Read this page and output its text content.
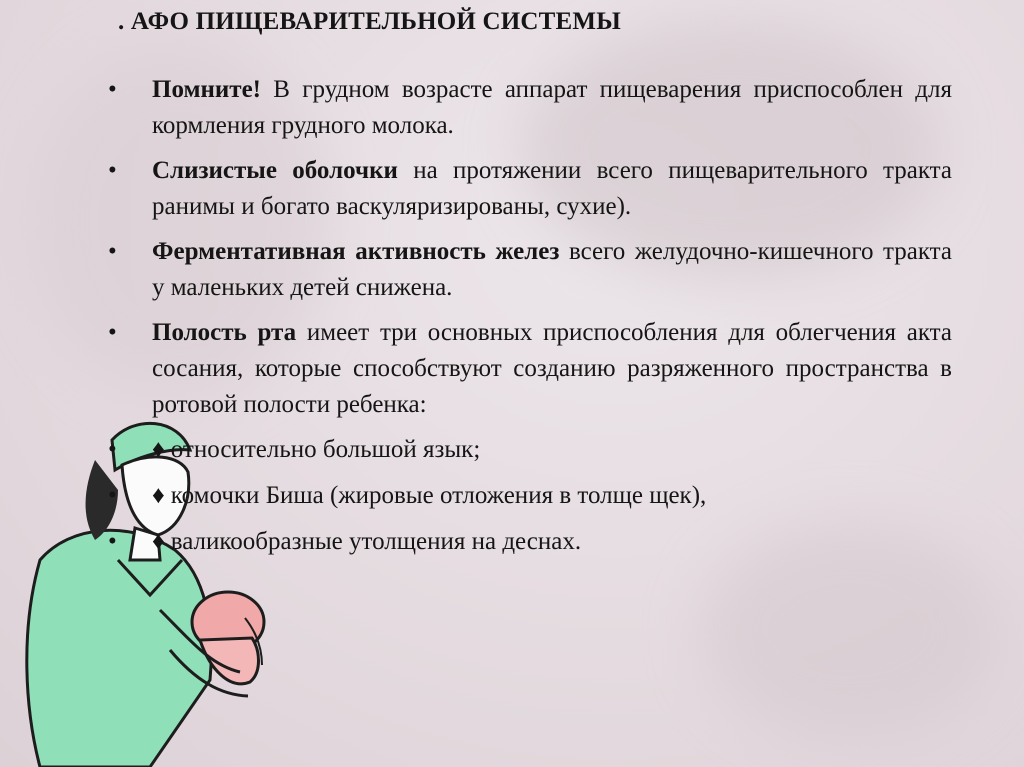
. АФО ПИЩЕВАРИТЕЛЬНОЙ СИСТЕМЫ
• Помните! В грудном возрасте аппарат пищеварения приспособлен для кормления грудного молока.
• Слизистые оболочки на протяжении всего пищеварительного тракта ранимы и богато васкуляризированы, сухие).
• Ферментативная активность желез всего желудочно-кишечного тракта у маленьких детей снижена.
• Полость рта имеет три основных приспособления для облегчения акта сосания, которые способствуют созданию разряженного пространства в ротовой полости ребенка:
• ♦ относительно большой язык;
• ♦ комочки Биша (жировые отложения в толще щек),
• ♦ валикообразные утолщения на деснах.
